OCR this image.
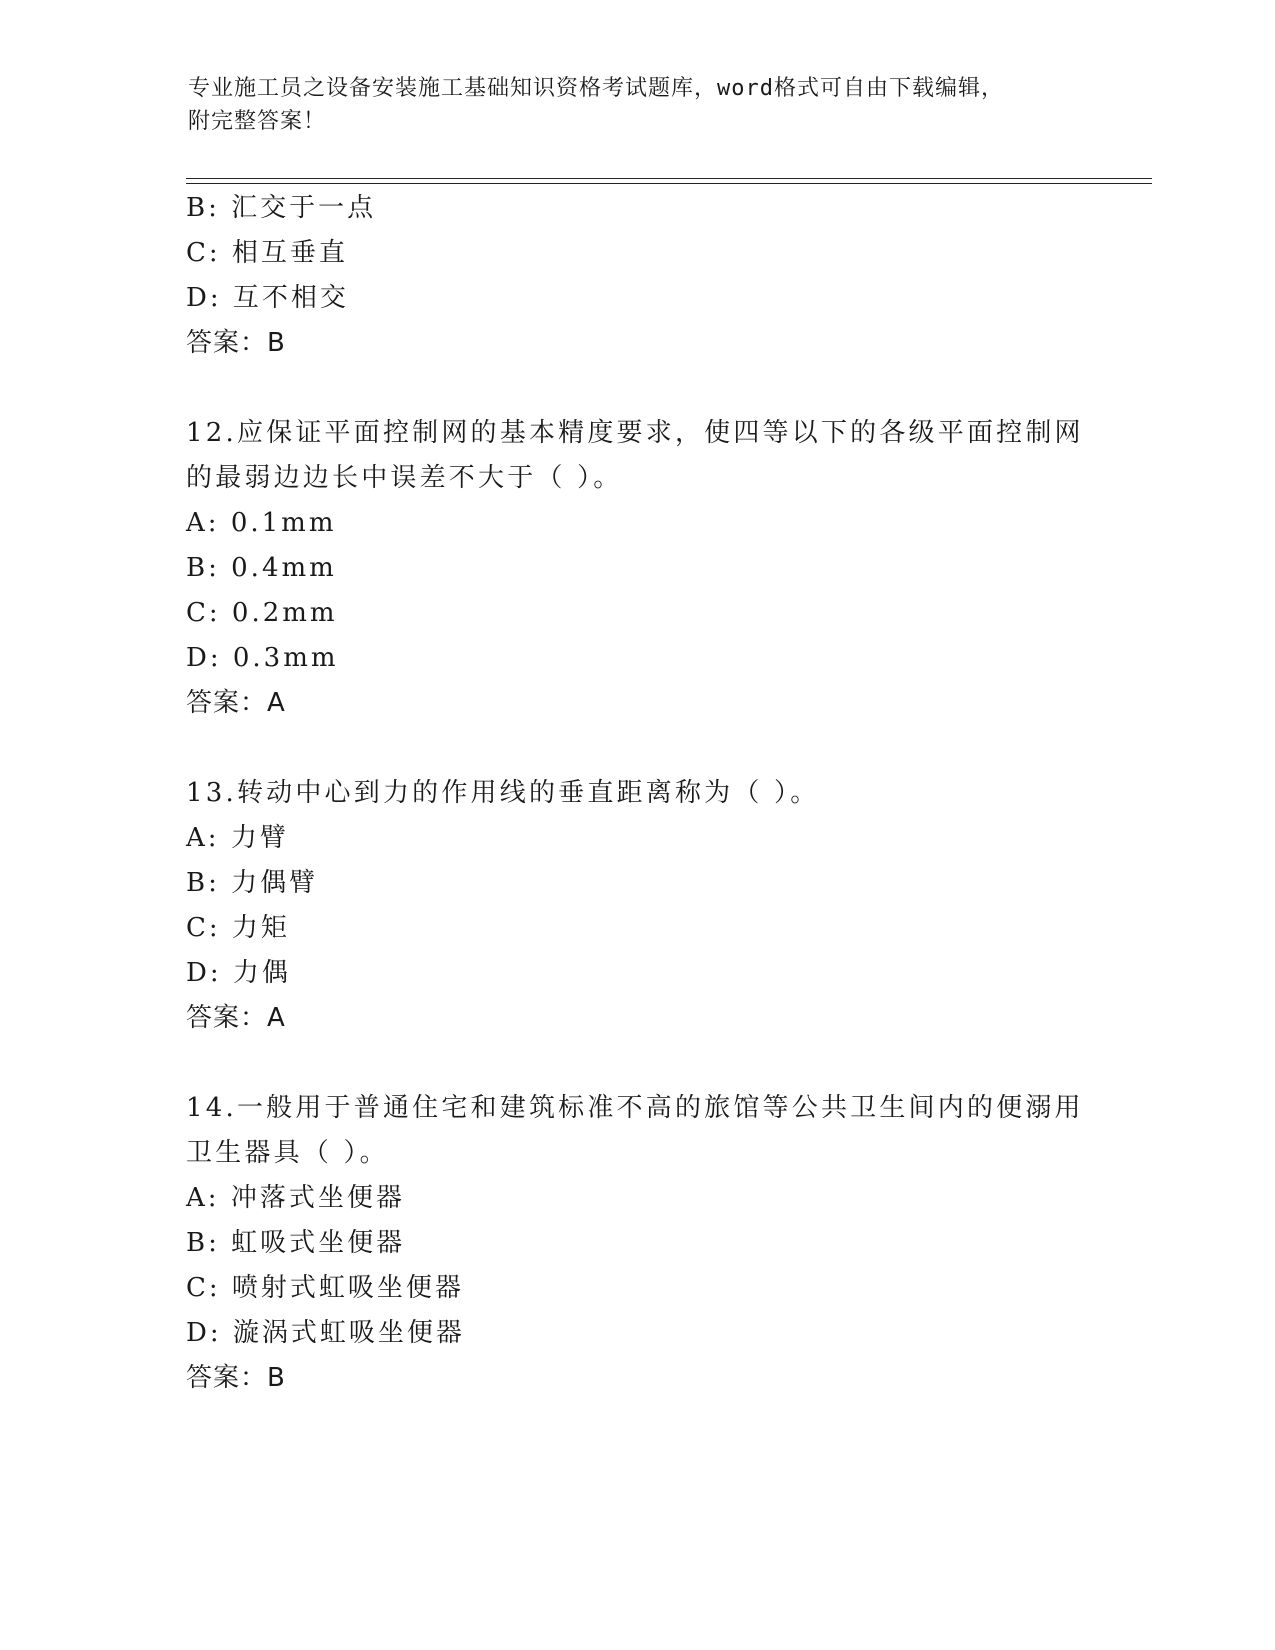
专业施工员之设备安装施工基础知识资格考试题库，word格式可自由下载编辑，
附完整答案！
B: 汇交于一点
C: 相互垂直
D: 互不相交
答案：B
12.应保证平面控制网的基本精度要求，使四等以下的各级平面控制网
的最弱边边长中误差不大于（ ）。
A: 0.1mm
B: 0.4mm
C: 0.2mm
D: 0.3mm
答案：A
13.转动中心到力的作用线的垂直距离称为（ ）。
A: 力臂
B: 力偶臂
C: 力矩
D: 力偶
答案：A
14.一般用于普通住宅和建筑标准不高的旅馆等公共卫生间内的便溺用
卫生器具（ ）。
A: 冲落式坐便器
B: 虹吸式坐便器
C: 喷射式虹吸坐便器
D: 漩涡式虹吸坐便器
答案：B
